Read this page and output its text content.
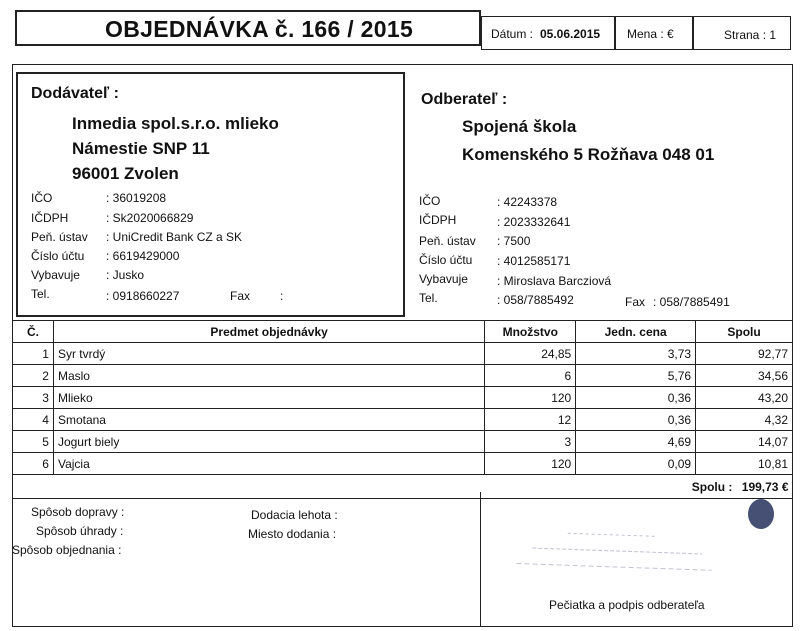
OBJEDNÁVKA č. 166 / 2015	Dátum : 05.06.2015 Mena : €	Strana : 1
Dodávateľ :
Inmedia spol.s.r.o. mlieko
Námestie SNP 11
96001 Zvolen
IČO	: 36019208
IČDPH	: Sk2020066829
Peň. ústav : UniCredit Bank CZ a SK
Číslo účtu : 6619429000
Vybavuje : Jusko
Tel.	: 0918660227	Fax :
Odberateľ :
Spojená škola
Komenského 5 Rožňava 048 01
IČO	: 42243378
IČDPH	: 2023332641
Peň. ústav : 7500
Číslo účtu : 4012585171
Vybavuje : Miroslava Barcziová
Tel.	: 058/7885492	Fax : 058/7885491
Č.	Predmet objednávky	Množstvo	Jedn. cena	Spolu
1	Syr tvrdý	24,85	3,73	92,77
2	Maslo	6	5,76	34,56
3	Mlieko	120	0,36	43,20
4	Smotana	12	0,36	4,32
5	Jogurt biely	3	4,69	14,07
6	Vajcia	120	0,09	10,81
Spolu : 199,73 €				
Spôsob dopravy :
Spôsob úhrady :
Spôsob objednania :
Dodacia lehota :
Miesto dodania :
Pečiatka a podpis odberateľa
